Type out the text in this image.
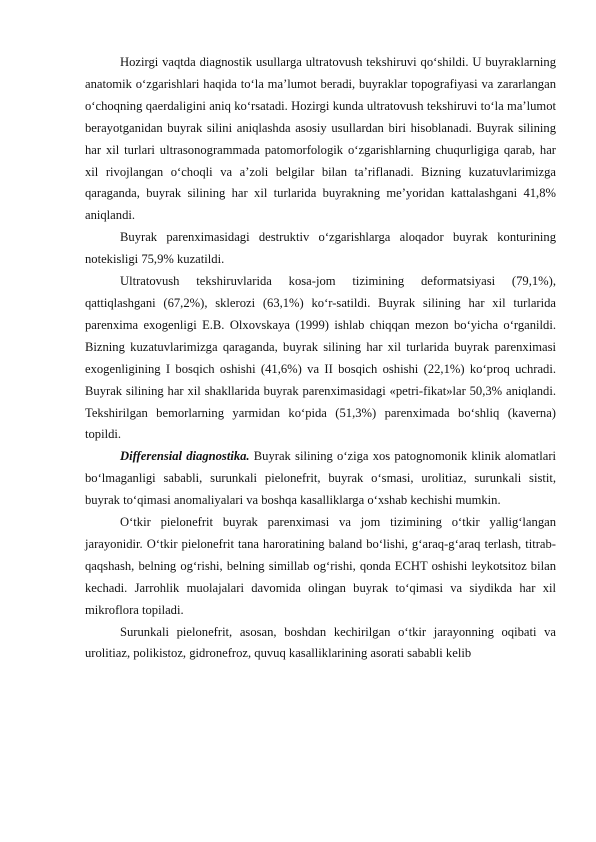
Hozirgi vaqtda diagnostik usullarga ultratovush tekshiruvi qo‘shildi. U buyraklarning anatomik o‘zgarishlari haqida to‘la ma’lumot beradi, buyraklar topografiyasi va zararlangan o‘choqning qaerdaligini aniq ko‘rsatadi. Hozirgi kunda ultratovush tekshiruvi to‘la ma’lumot berayotganidan buyrak silini aniqlashda asosiy usullardan biri hisoblanadi. Buyrak silining har xil turlari ultrasonogrammada patomorfologik o‘zgarishlarning chuqurligiga qarab, har xil rivojlangan o‘choqli va a’zoli belgilar bilan ta’riflanadi. Bizning kuzatuvlarimizga qaraganda, buyrak silining har xil turlarida buyrakning me’yoridan kattalashgani 41,8% aniqlandi.

Buyrak parenximasidagi destruktiv o‘zgarishlarga aloqador buyrak konturining notekisligi 75,9% kuzatildi.

Ultratovush tekshiruvlarida kosa-jom tizimining deformatsiyasi (79,1%), qattiqlashgani (67,2%), sklerozi (63,1%) ko‘r-satildi. Buyrak silining har xil turlarida parenxima exogenligi E.B. Olxovskaya (1999) ishlab chiqqan mezon bo‘yicha o‘rganildi. Bizning kuzatuvlarimizga qaraganda, buyrak silining har xil turlarida buyrak parenximasi exogenligining I bosqich oshishi (41,6%) va II bosqich oshishi (22,1%) ko‘proq uchradi. Buyrak silining har xil shakllarida buyrak parenximasidagi «petri-fikat»lar 50,3% aniqlandi. Tekshirilgan bemorlarning yarmidan ko‘pida (51,3%) parenximada bo‘shliq (kaverna) topildi.

Differensial diagnostika. Buyrak silining o‘ziga xos patognomonik klinik alomatlari bo‘lmaganligi sababli, surunkali pielonefrit, buyrak o‘smasi, urolitiaz, surunkali sistit, buyrak to‘qimasi anomaliyalari va boshqa kasalliklarga o‘xshab kechishi mumkin.

O‘tkir pielonefrit buyrak parenximasi va jom tizimining o‘tkir yallig‘langan jarayonidir. O‘tkir pielonefrit tana haroratining baland bo‘lishi, g‘araq-g‘araq terlash, titrab-qaqshash, belning og‘rishi, belning simillab og‘rishi, qonda ECHT oshishi leykotsitoz bilan kechadi. Jarrohlik muolajalari davomida olingan buyrak to‘qimasi va siydikda har xil mikroflora topiladi.

Surunkali pielonefrit, asosan, boshdan kechirilgan o‘tkir jarayonning oqibati va urolitiaz, polikistoz, gidronefroz, quvuq kasalliklarining asorati sababli kelib
